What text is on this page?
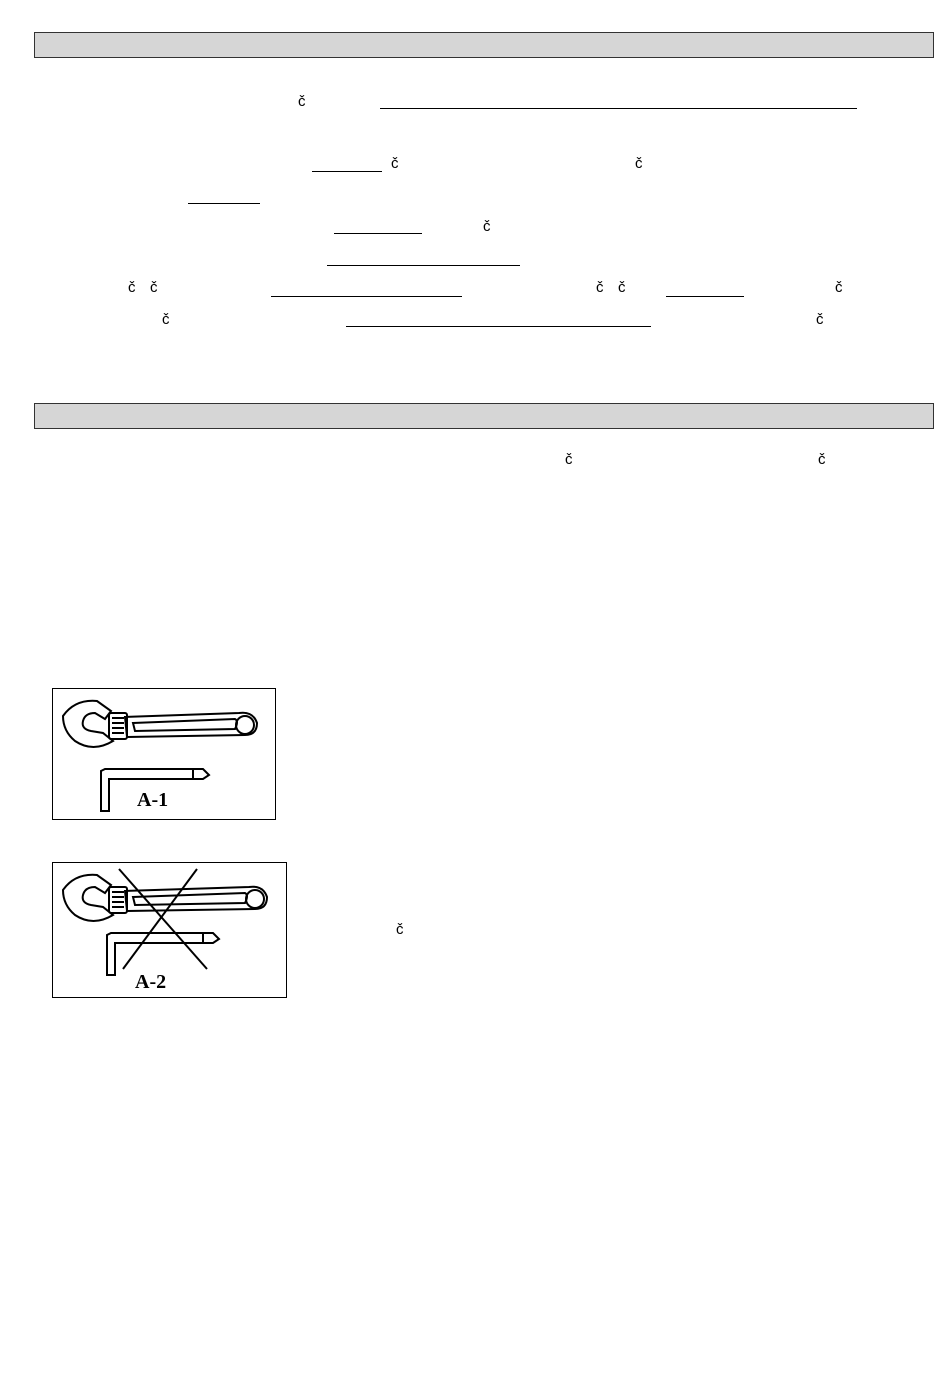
č
č	č
č
č č	č č	č
č	č
č	č
A-1
A-2
č
